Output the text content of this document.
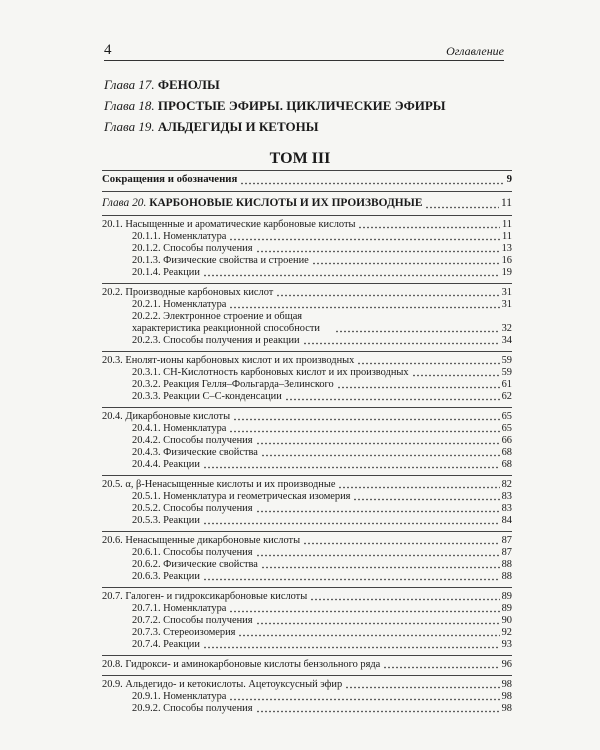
4	Оглавление
Глава 17. ФЕНОЛЫ
Глава 18. ПРОСТЫЕ ЭФИРЫ. ЦИКЛИЧЕСКИЕ ЭФИРЫ
Глава 19. АЛЬДЕГИДЫ И КЕТОНЫ
ТОМ III
Сокращения и обозначения	9
Глава 20. КАРБОНОВЫЕ КИСЛОТЫ И ИХ ПРОИЗВОДНЫЕ	11
20.1. Насыщенные и ароматические карбоновые кислоты	11
20.1.1. Номенклатура	11
20.1.2. Способы получения	13
20.1.3. Физические свойства и строение	16
20.1.4. Реакции	19
20.2. Производные карбоновых кислот	31
20.2.1. Номенклатура	31
20.2.2. Электронное строение и общая характеристика реакционной способности	32
20.2.3. Способы получения и реакции	34
20.3. Енолят-ионы карбоновых кислот и их производных	59
20.3.1. CH-Кислотность карбоновых кислот и их производных	59
20.3.2. Реакция Гелля–Фольгарда–Зелинского	61
20.3.3. Реакции С–С-конденсации	62
20.4. Дикарбоновые кислоты	65
20.4.1. Номенклатура	65
20.4.2. Способы получения	66
20.4.3. Физические свойства	68
20.4.4. Реакции	68
20.5. α, β-Ненасыщенные кислоты и их производные	82
20.5.1. Номенклатура и геометрическая изомерия	83
20.5.2. Способы получения	83
20.5.3. Реакции	84
20.6. Ненасыщенные дикарбоновые кислоты	87
20.6.1. Способы получения	87
20.6.2. Физические свойства	88
20.6.3. Реакции	88
20.7. Галоген- и гидроксикарбоновые кислоты	89
20.7.1. Номенклатура	89
20.7.2. Способы получения	90
20.7.3. Стереоизомерия	92
20.7.4. Реакции	93
20.8. Гидрокси- и аминокарбоновые кислоты бензольного ряда	96
20.9. Альдегидо- и кетокислоты. Ацетоуксусный эфир	98
20.9.1. Номенклатура	98
20.9.2. Способы получения	98
